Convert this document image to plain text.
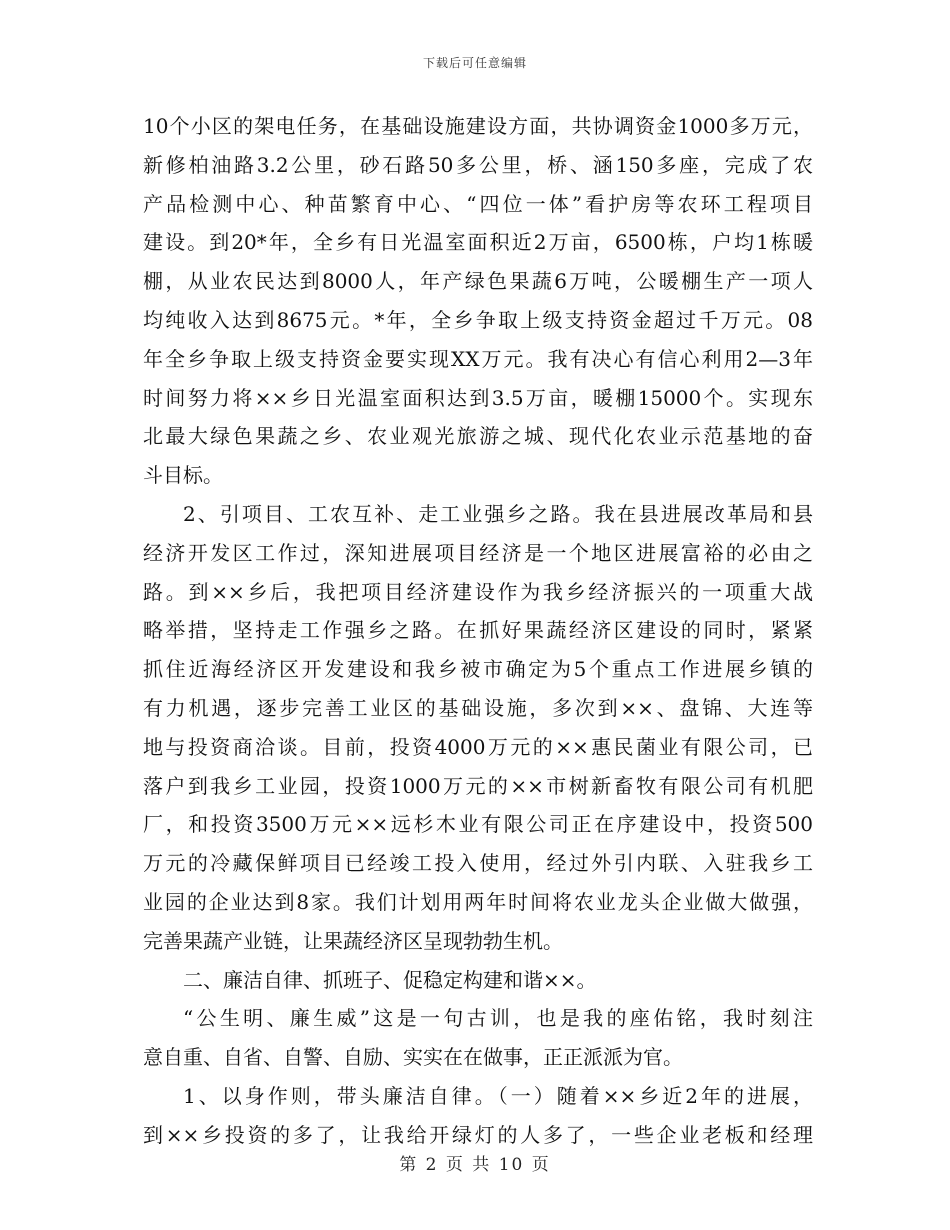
下载后可任意编辑
10个小区的架电任务，在基础设施建设方面，共协调资金1000多万元，
新修柏油路3.2公里，砂石路50多公里，桥、涵150多座，完成了农
产品检测中心、种苗繁育中心、“四位一体”看护房等农环工程项目
建设。到20*年，全乡有日光温室面积近2万亩，6500栋，户均1栋暖
棚，从业农民达到8000人，年产绿色果蔬6万吨，公暖棚生产一项人
均纯收入达到8675元。*年，全乡争取上级支持资金超过千万元。08
年全乡争取上级支持资金要实现XX万元。我有决心有信心利用2—3年
时间努力将××乡日光温室面积达到3.5万亩，暖棚15000个。实现东
北最大绿色果蔬之乡、农业观光旅游之城、现代化农业示范基地的奋
斗目标。
2、引项目、工农互补、走工业强乡之路。我在县进展改革局和县
经济开发区工作过，深知进展项目经济是一个地区进展富裕的必由之
路。到××乡后，我把项目经济建设作为我乡经济振兴的一项重大战
略举措，坚持走工作强乡之路。在抓好果蔬经济区建设的同时，紧紧
抓住近海经济区开发建设和我乡被市确定为5个重点工作进展乡镇的
有力机遇，逐步完善工业区的基础设施，多次到××、盘锦、大连等
地与投资商洽谈。目前，投资4000万元的××惠民菌业有限公司，已
落户到我乡工业园，投资1000万元的××市树新畜牧有限公司有机肥
厂，和投资3500万元××远杉木业有限公司正在序建设中，投资500
万元的冷藏保鲜项目已经竣工投入使用，经过外引内联、入驻我乡工
业园的企业达到8家。我们计划用两年时间将农业龙头企业做大做强，
完善果蔬产业链，让果蔬经济区呈现勃勃生机。
二、廉洁自律、抓班子、促稳定构建和谐××。
“公生明、廉生威”这是一句古训，也是我的座佑铭，我时刻注
意自重、自省、自警、自励、实实在在做事，正正派派为官。
1、以身作则，带头廉洁自律。（一）随着××乡近2年的进展，
到××乡投资的多了，让我给开绿灯的人多了，一些企业老板和经理
第 2 页 共 10 页
